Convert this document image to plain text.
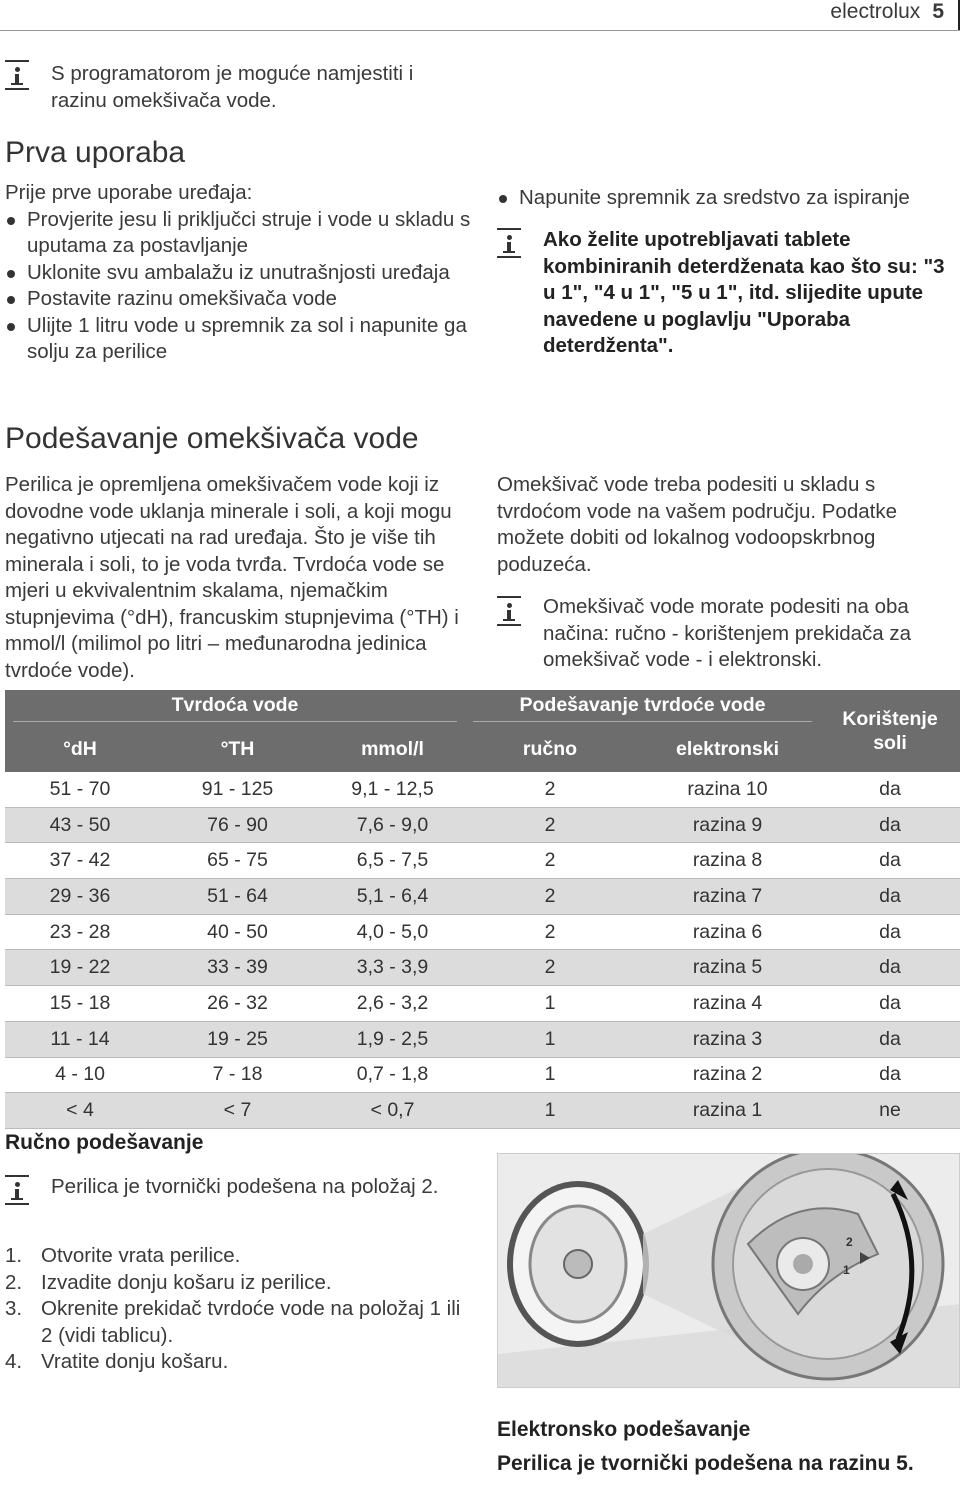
electrolux 5
S programatorom je moguće namjestiti i razinu omekšivača vode.
Prva uporaba
Prije prve uporabe uređaja:
Provjerite jesu li priključci struje i vode u skladu s uputama za postavljanje
Uklonite svu ambalažu iz unutrašnjosti uređaja
Postavite razinu omekšivača vode
Ulijte 1 litru vode u spremnik za sol i napunite ga solju za perilice
Napunite spremnik za sredstvo za ispiranje
Ako želite upotrebljavati tablete kombiniranih deterdženata kao što su: "3 u 1", "4 u 1", "5 u 1", itd. slijedite upute navedene u poglavlju "Uporaba deterdženta".
Podešavanje omekšivača vode
Perilica je opremljena omekšivačem vode koji iz dovodne vode uklanja minerale i soli, a koji mogu negativno utjecati na rad uređaja. Što je više tih minerala i soli, to je voda tvrđa. Tvrdoća vode se mjeri u ekvivalentnim skalama, njemačkim stupnjevima (°dH), francuskim stupnjevima (°TH) i mmol/l (milimol po litri – međunarodna jedinica tvrdoće vode).
Omekšivač vode treba podesiti u skladu s tvrdoćom vode na vašem području. Podatke možete dobiti od lokalnog vodoopskrbnog poduzeća.
Omekšivač vode morate podesiti na oba načina: ručno - korištenjem prekidača za omekšivač vode - i elektronski.
Tvrdoća vode			Podešavanje tvrdoće vode		Korištenje soli
°dH	°TH	mmol/l	ručno	elektronski	
51 - 70	91 - 125	9,1 - 12,5	2	razina 10	da
43 - 50	76 - 90	7,6 - 9,0	2	razina 9	da
37 - 42	65 - 75	6,5 - 7,5	2	razina 8	da
29 - 36	51 - 64	5,1 - 6,4	2	razina 7	da
23 - 28	40 - 50	4,0 - 5,0	2	razina 6	da
19 - 22	33 - 39	3,3 - 3,9	2	razina 5	da
15 - 18	26 - 32	2,6 - 3,2	1	razina 4	da
11 - 14	19 - 25	1,9 - 2,5	1	razina 3	da
4 - 10	7 - 18	0,7 - 1,8	1	razina 2	da
< 4	< 7	< 0,7	1	razina 1	ne
Ručno podešavanje
Perilica je tvornički podešena na položaj 2.
1. Otvorite vrata perilice.
2. Izvadite donju košaru iz perilice.
3. Okrenite prekidač tvrdoće vode na položaj 1 ili 2 (vidi tablicu).
4. Vratite donju košaru.
2
1
Elektronsko podešavanje
Perilica je tvornički podešena na razinu 5.
